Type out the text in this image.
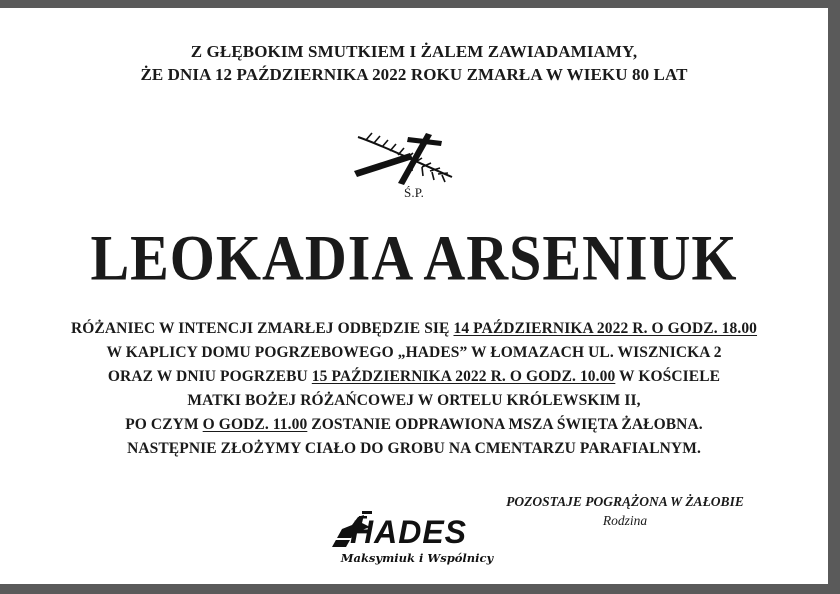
Z GŁĘBOKIM SMUTKIEM I ŻALEM ZAWIADAMIAMY,
ŻE DNIA 12 PAŹDZIERNIKA 2022 ROKU ZMARŁA W WIEKU 80 LAT
Ś.P.
LEOKADIA ARSENIUK
RÓŻANIEC W INTENCJI ZMARŁEJ ODBĘDZIE SIĘ 14 PAŹDZIERNIKA 2022 R. O GODZ. 18.00
W KAPLICY DOMU POGRZEBOWEGO „HADES” W ŁOMAZACH UL. WISZNICKA 2
ORAZ W DNIU POGRZEBU 15 PAŹDZIERNIKA 2022 R. O GODZ. 10.00 W KOŚCIELE
MATKI BOŻEJ RÓŻAŃCOWEJ W ORTELU KRÓLEWSKIM II,
PO CZYM O GODZ. 11.00 ZOSTANIE ODPRAWIONA MSZA ŚWIĘTA ŻAŁOBNA.
NASTĘPNIE ZŁOŻYMY CIAŁO DO GROBU NA CMENTARZU PARAFIALNYM.
POZOSTAJE POGRĄŻONA W ŻAŁOBIE
Rodzina
HADES
Maksymiuk i Wspólnicy
